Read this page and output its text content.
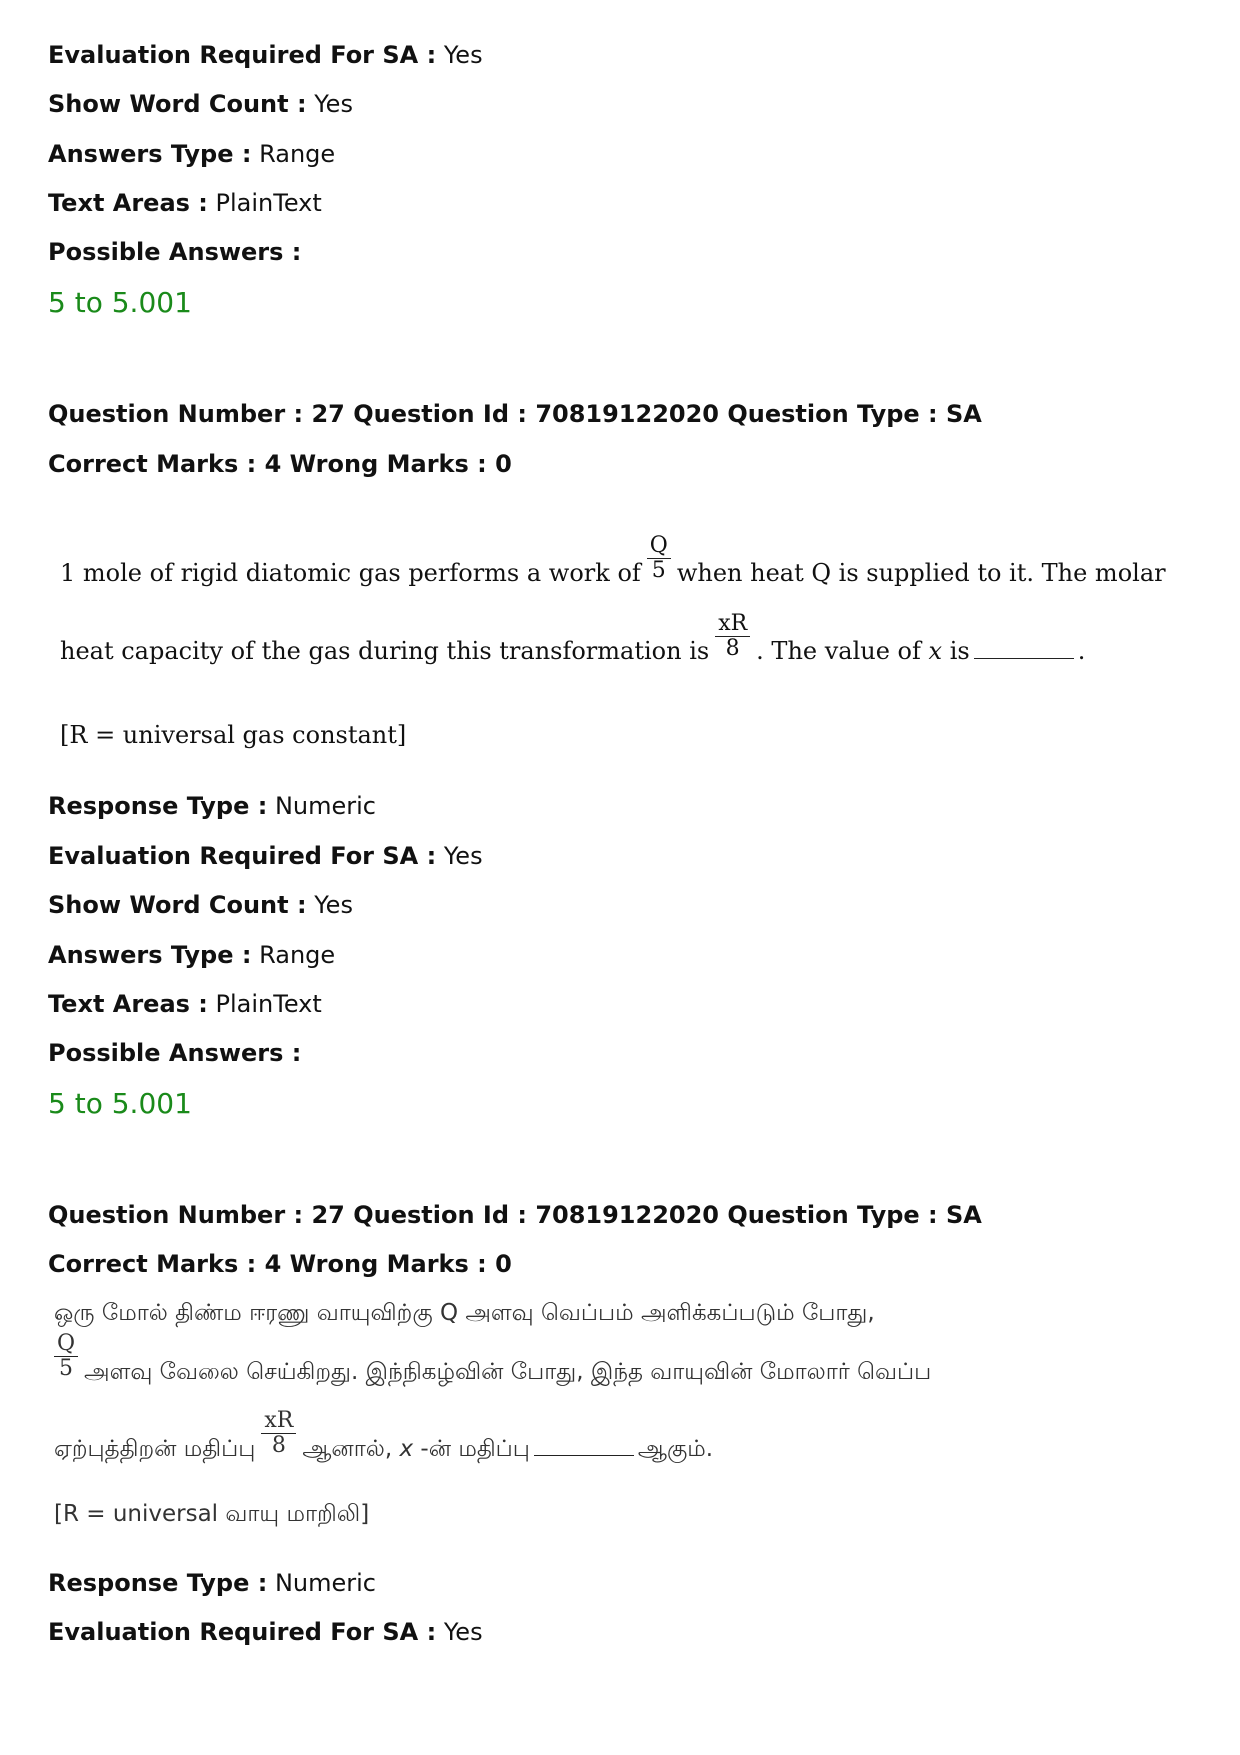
Evaluation Required For SA : Yes
Show Word Count : Yes
Answers Type : Range
Text Areas : PlainText
Possible Answers :
5 to 5.001
Question Number : 27 Question Id : 70819122020 Question Type : SA
Correct Marks : 4 Wrong Marks : 0
1 mole of rigid diatomic gas performs a work of $\frac{Q}{5}$ when heat Q is supplied to it. The molar
heat capacity of the gas during this transformation is $\frac{xR}{8}$ . The value of x is	.
[R = universal gas constant]
Response Type : Numeric
Evaluation Required For SA : Yes
Show Word Count : Yes
Answers Type : Range
Text Areas : PlainText
Possible Answers :
5 to 5.001
Question Number : 27 Question Id : 70819122020 Question Type : SA
Correct Marks : 4 Wrong Marks : 0
ஒரு மோல் திண்ம ஈரணு வாயுவிற்கு Q அளவு வெப்பம் அளிக்கப்படும் போது,
$\frac{Q}{5}$ அளவு வேலை செய்கிறது. இந்நிகழ்வின் போது, இந்த வாயுவின் மோலார் வெப்ப
ஏற்புத்திறன் மதிப்பு $\frac{xR}{8}$ ஆனால், x -ன் மதிப்பு	ஆகும்.
[R = universal வாயு மாறிலி]
Response Type : Numeric
Evaluation Required For SA : Yes
